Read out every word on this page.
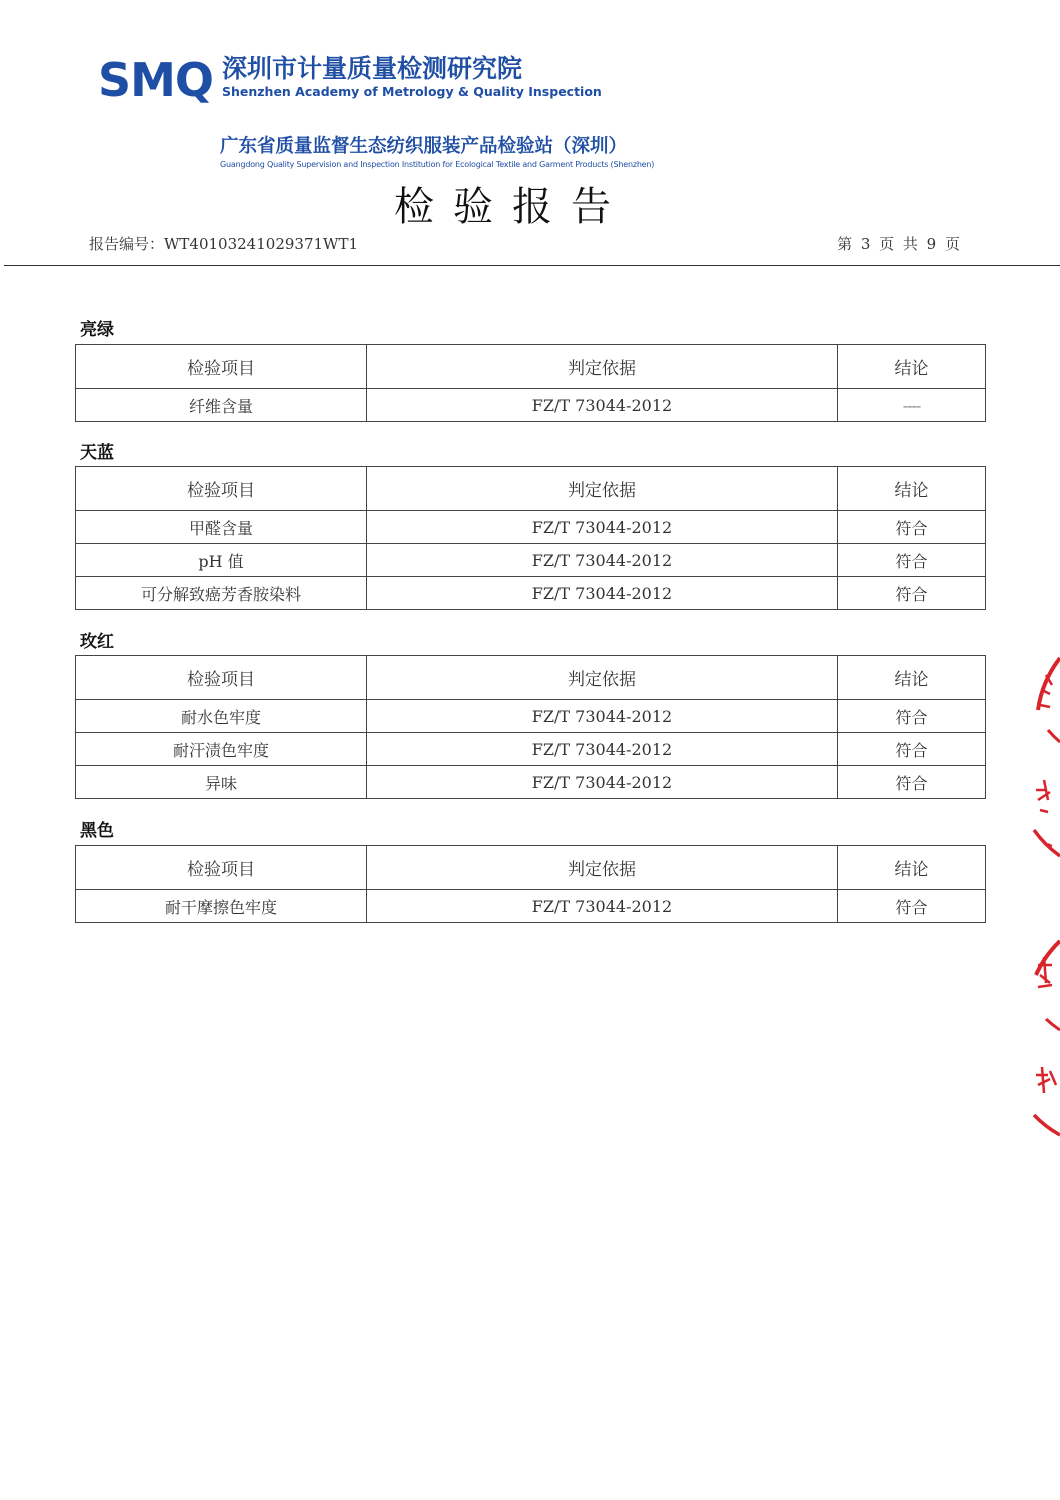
SMQ 深圳市计量质量检测研究院
Shenzhen Academy of Metrology & Quality Inspection
广东省质量监督生态纺织服装产品检验站（深圳）
Guangdong Quality Supervision and Inspection Institution for Ecological Textile and Garment Products (Shenzhen)
检验报告
报告编号：WT40103241029371WT1	第 3 页 共 9 页
亮绿
检验项目	判定依据	结论
纤维含量	FZ/T 73044-2012	----
天蓝
检验项目	判定依据	结论
甲醛含量	FZ/T 73044-2012	符合
pH 值	FZ/T 73044-2012	符合
可分解致癌芳香胺染料	FZ/T 73044-2012	符合
玫红
检验项目	判定依据	结论
耐水色牢度	FZ/T 73044-2012	符合
耐汗渍色牢度	FZ/T 73044-2012	符合
异味	FZ/T 73044-2012	符合
黑色
检验项目	判定依据	结论
耐干摩擦色牢度	FZ/T 73044-2012	符合
